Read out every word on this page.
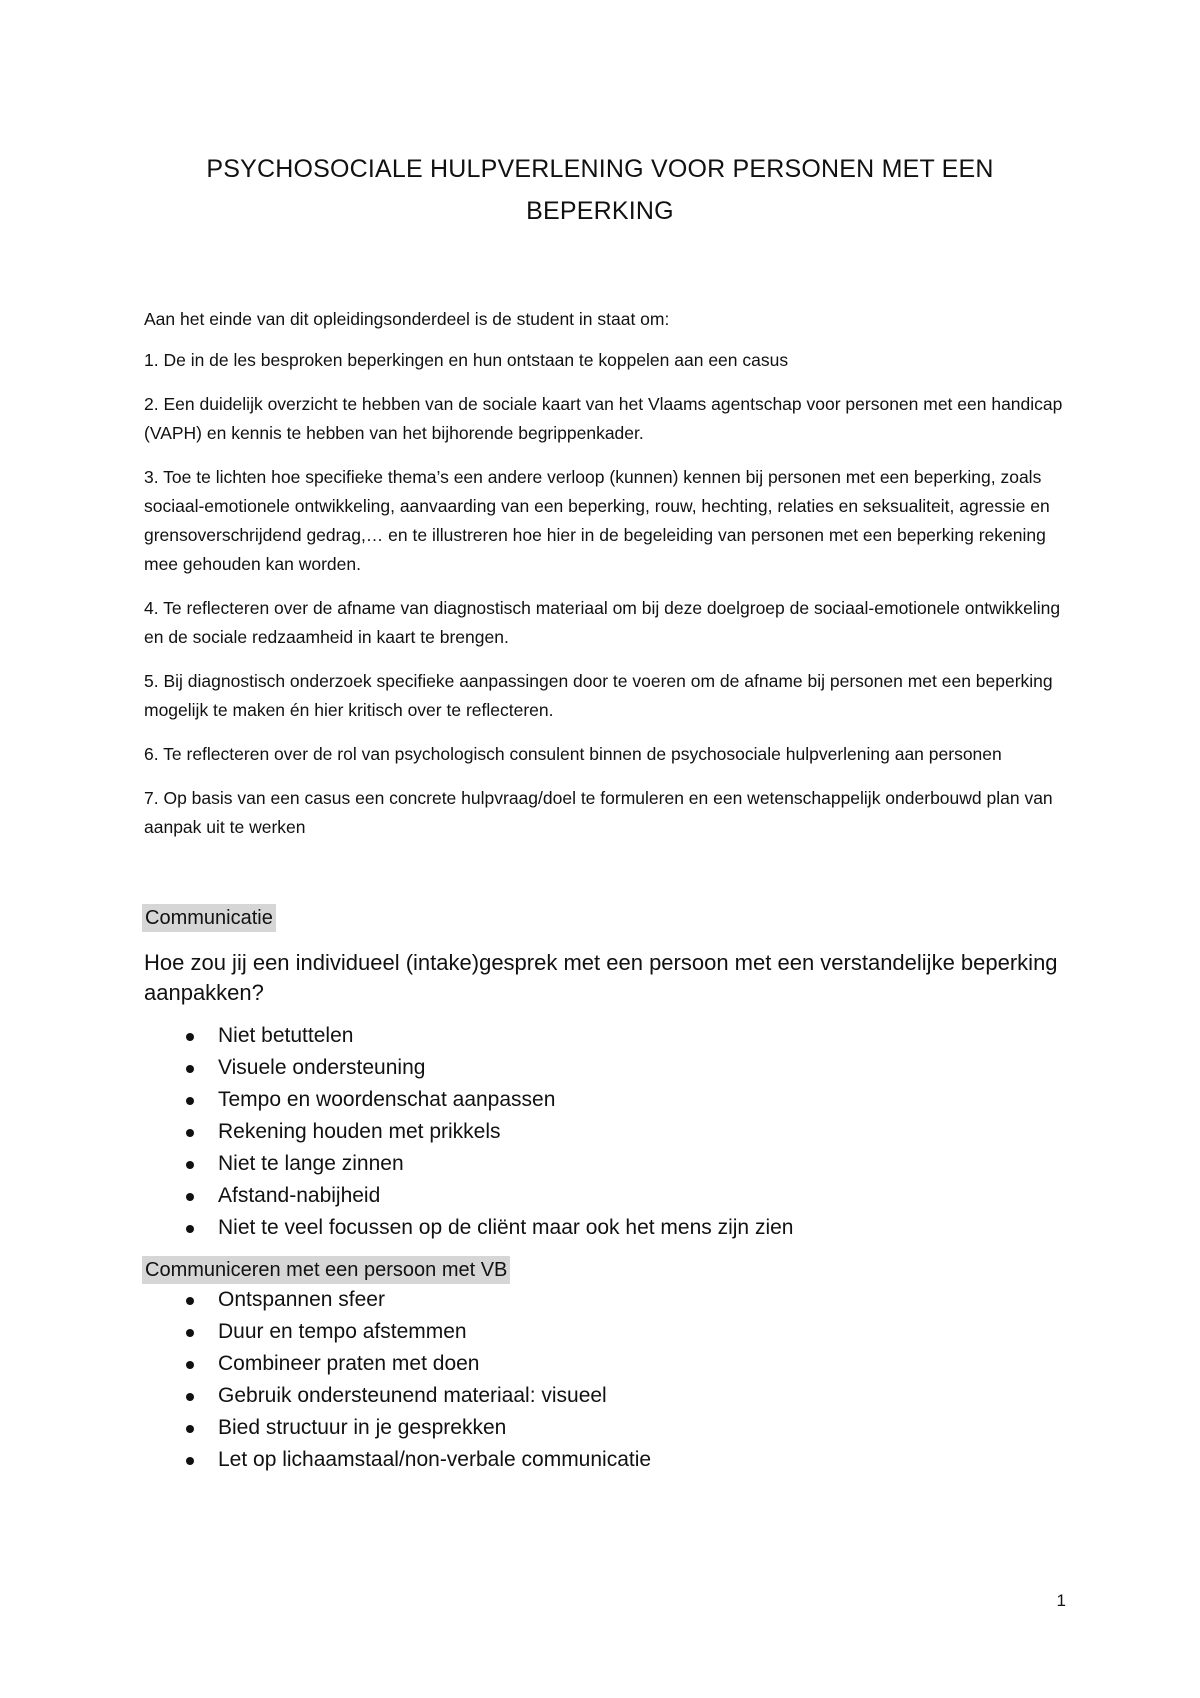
PSYCHOSOCIALE HULPVERLENING VOOR PERSONEN MET EEN
BEPERKING

Aan het einde van dit opleidingsonderdeel is de student in staat om:

1. De in de les besproken beperkingen en hun ontstaan te koppelen aan een casus

2. Een duidelijk overzicht te hebben van de sociale kaart van het Vlaams agentschap voor personen met een handicap (VAPH) en kennis te hebben van het bijhorende begrippenkader.

3. Toe te lichten hoe specifieke thema’s een andere verloop (kunnen) kennen bij personen met een beperking, zoals sociaal-emotionele ontwikkeling, aanvaarding van een beperking, rouw, hechting, relaties en seksualiteit, agressie en grensoverschrijdend gedrag,… en te illustreren hoe hier in de begeleiding van personen met een beperking rekening mee gehouden kan worden.

4. Te reflecteren over de afname van diagnostisch materiaal om bij deze doelgroep de sociaal-emotionele ontwikkeling en de sociale redzaamheid in kaart te brengen.

5. Bij diagnostisch onderzoek specifieke aanpassingen door te voeren om de afname bij personen met een beperking mogelijk te maken én hier kritisch over te reflecteren.

6. Te reflecteren over de rol van psychologisch consulent binnen de psychosociale hulpverlening aan personen

7. Op basis van een casus een concrete hulpvraag/doel te formuleren en een wetenschappelijk onderbouwd plan van aanpak uit te werken

Communicatie

Hoe zou jij een individueel (intake)gesprek met een persoon met een verstandelijke beperking aanpakken?

Niet betuttelen
Visuele ondersteuning
Tempo en woordenschat aanpassen
Rekening houden met prikkels
Niet te lange zinnen
Afstand-nabijheid
Niet te veel focussen op de cliënt maar ook het mens zijn zien
Communiceren met een persoon met VB
Ontspannen sfeer
Duur en tempo afstemmen
Combineer praten met doen
Gebruik ondersteunend materiaal: visueel
Bied structuur in je gesprekken
Let op lichaamstaal/non-verbale communicatie
1
